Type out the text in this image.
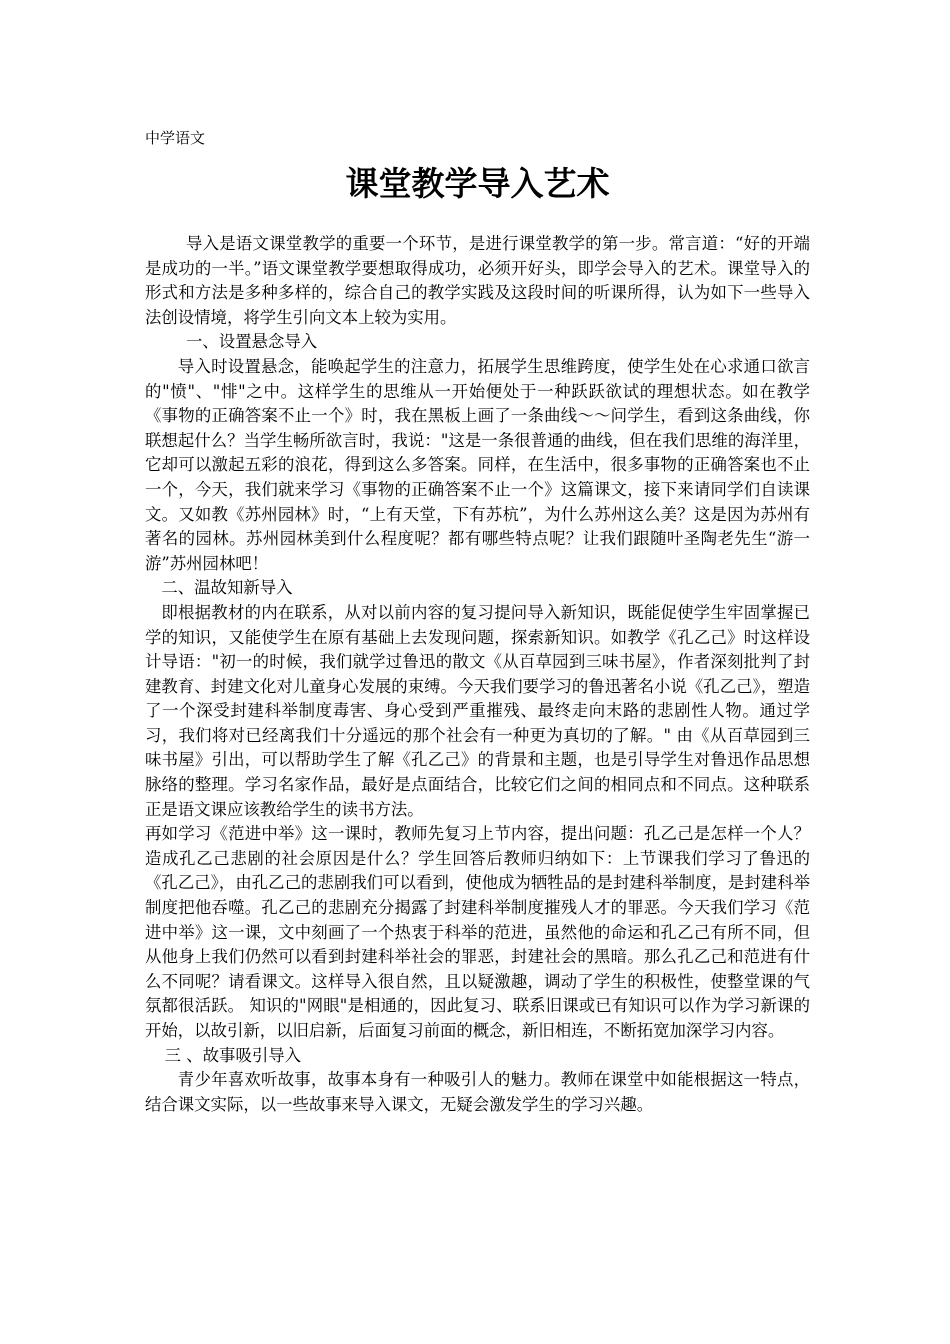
中学语文

课堂教学导入艺术

导入是语文课堂教学的重要一个环节，是进行课堂教学的第一步。常言道：“好的开端是成功的一半。”语文课堂教学要想取得成功，必须开好头，即学会导入的艺术。课堂导入的形式和方法是多种多样的，综合自己的教学实践及这段时间的听课所得，认为如下一些导入法创设情境，将学生引向文本上较为实用。

一、设置悬念导入

导入时设置悬念，能唤起学生的注意力，拓展学生思维跨度，使学生处在心求通口欲言的"愤"、"悱"之中。这样学生的思维从一开始便处于一种跃跃欲试的理想状态。如在教学《事物的正确答案不止一个》时，我在黑板上画了一条曲线～～问学生，看到这条曲线，你联想起什么？当学生畅所欲言时，我说："这是一条很普通的曲线，但在我们思维的海洋里，它却可以激起五彩的浪花，得到这么多答案。同样，在生活中，很多事物的正确答案也不止一个，今天，我们就来学习《事物的正确答案不止一个》这篇课文，接下来请同学们自读课文。又如教《苏州园林》时，“上有天堂，下有苏杭”，为什么苏州这么美？这是因为苏州有著名的园林。苏州园林美到什么程度呢？都有哪些特点呢？让我们跟随叶圣陶老先生“游一游”苏州园林吧！

二、温故知新导入

即根据教材的内在联系，从对以前内容的复习提问导入新知识，既能促使学生牢固掌握已学的知识，又能使学生在原有基础上去发现问题，探索新知识。如教学《孔乙己》时这样设计导语："初一的时候，我们就学过鲁迅的散文《从百草园到三味书屋》，作者深刻批判了封建教育、封建文化对儿童身心发展的束缚。今天我们要学习的鲁迅著名小说《孔乙己》，塑造了一个深受封建科举制度毒害、身心受到严重摧残、最终走向末路的悲剧性人物。通过学习，我们将对已经离我们十分遥远的那个社会有一种更为真切的了解。" 由《从百草园到三味书屋》引出，可以帮助学生了解《孔乙己》的背景和主题，也是引导学生对鲁迅作品思想脉络的整理。学习名家作品，最好是点面结合，比较它们之间的相同点和不同点。这种联系正是语文课应该教给学生的读书方法。

再如学习《范进中举》这一课时，教师先复习上节内容，提出问题：孔乙己是怎样一个人？造成孔乙己悲剧的社会原因是什么？学生回答后教师归纳如下：上节课我们学习了鲁迅的《孔乙己》，由孔乙己的悲剧我们可以看到，使他成为牺牲品的是封建科举制度，是封建科举制度把他吞噬。孔乙己的悲剧充分揭露了封建科举制度摧残人才的罪恶。今天我们学习《范进中举》这一课，文中刻画了一个热衷于科举的范进，虽然他的命运和孔乙己有所不同，但从他身上我们仍然可以看到封建科举社会的罪恶，封建社会的黑暗。那么孔乙己和范进有什么不同呢？请看课文。这样导入很自然，且以疑激趣，调动了学生的积极性，使整堂课的气氛都很活跃。 知识的"网眼"是相通的，因此复习、联系旧课或已有知识可以作为学习新课的开始，以故引新，以旧启新，后面复习前面的概念，新旧相连，不断拓宽加深学习内容。

三 、故事吸引导入

青少年喜欢听故事，故事本身有一种吸引人的魅力。教师在课堂中如能根据这一特点，结合课文实际，以一些故事来导入课文，无疑会激发学生的学习兴趣。
